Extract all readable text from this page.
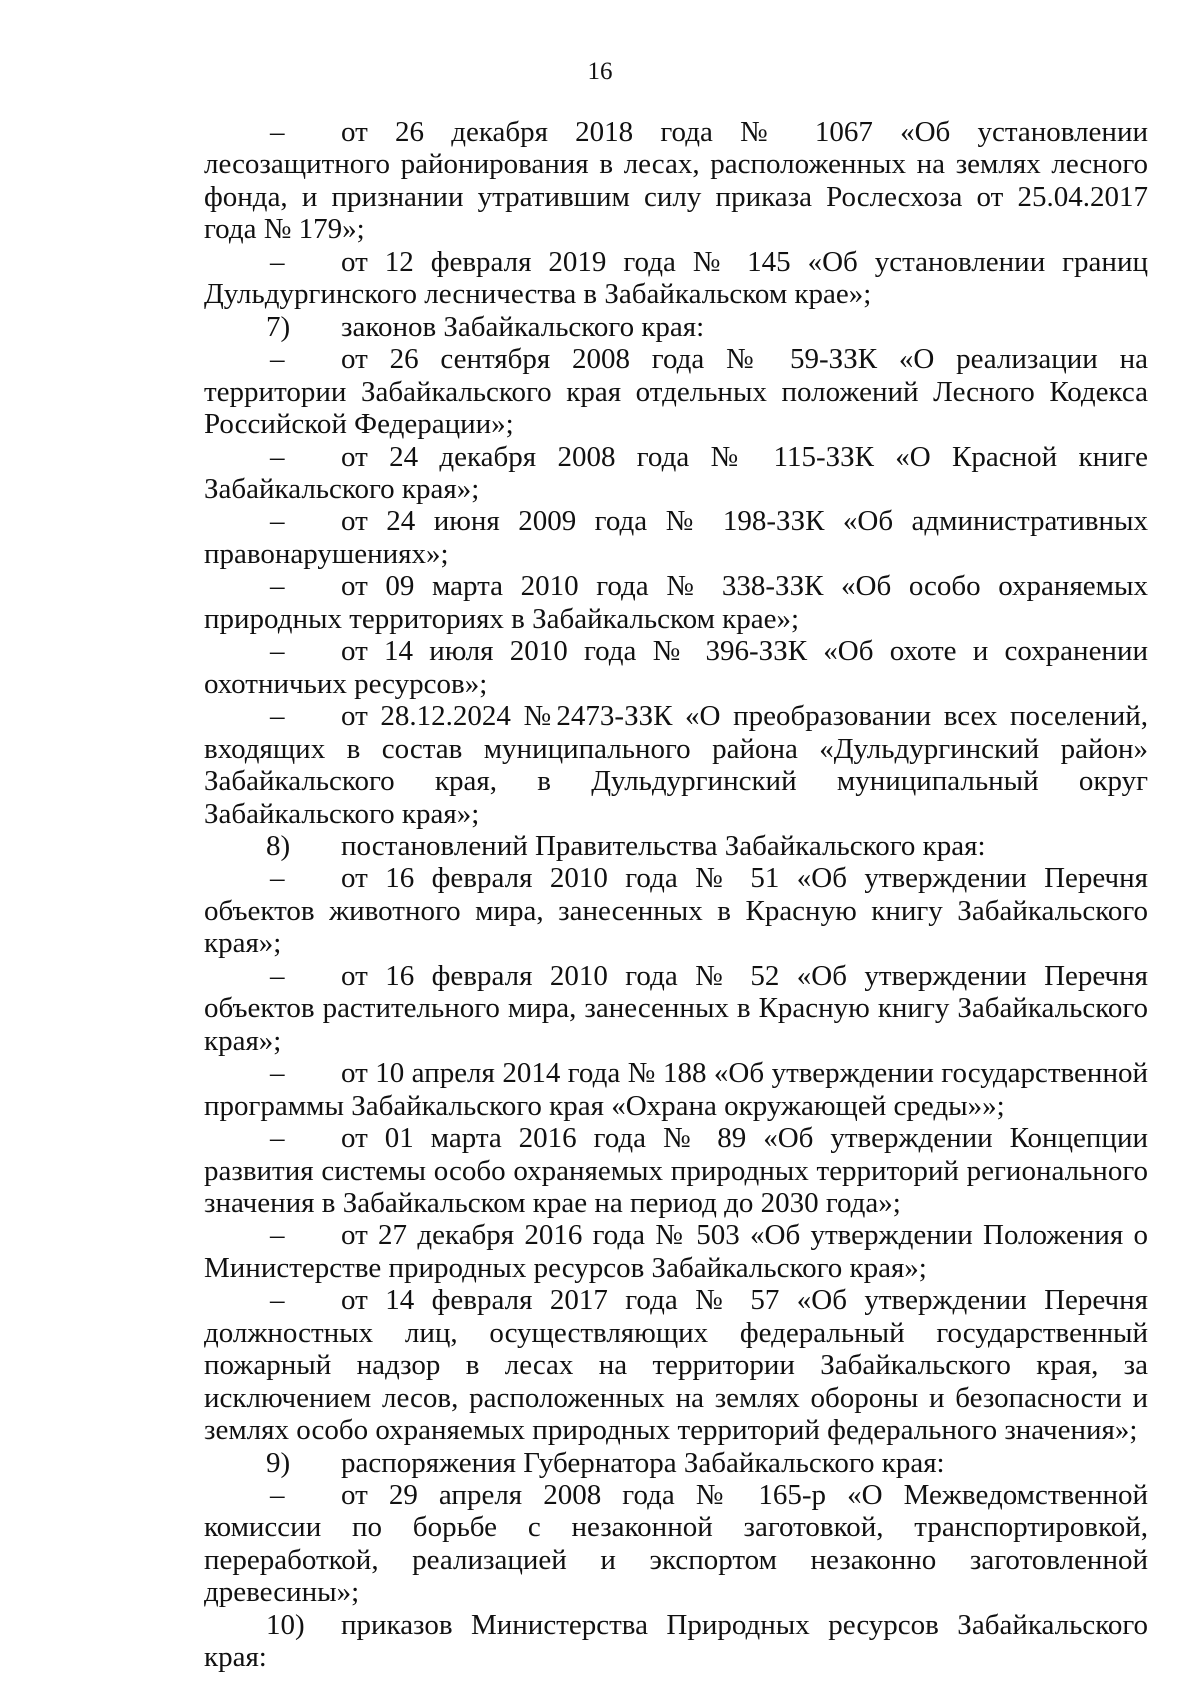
16

–	от 26 декабря 2018 года № 1067 «Об установлении лесозащитного районирования в лесах, расположенных на землях лесного фонда, и признании утратившим силу приказа Рослесхоза от 25.04.2017 года № 179»;

–	от 12 февраля 2019 года № 145 «Об установлении границ Дульдургинского лесничества в Забайкальском крае»;

7)	законов Забайкальского края:

–	от 26 сентября 2008 года № 59-ЗЗК «О реализации на территории Забайкальского края отдельных положений Лесного Кодекса Российской Федерации»;

–	от 24 декабря 2008 года № 115-ЗЗК «О Красной книге Забайкальского края»;

–	от 24 июня 2009 года № 198-ЗЗК «Об административных правонарушениях»;

–	от 09 марта 2010 года № 338-ЗЗК «Об особо охраняемых природных территориях в Забайкальском крае»;

–	от 14 июля 2010 года № 396-ЗЗК «Об охоте и сохранении охотничьих ресурсов»;

–	от 28.12.2024 №2473-ЗЗК «О преобразовании всех поселений, входящих в состав муниципального района «Дульдургинский район» Забайкальского края, в Дульдургинский муниципальный округ Забайкальского края»;

8)	постановлений Правительства Забайкальского края:

–	от 16 февраля 2010 года № 51 «Об утверждении Перечня объектов животного мира, занесенных в Красную книгу Забайкальского края»;

–	от 16 февраля 2010 года № 52 «Об утверждении Перечня объектов растительного мира, занесенных в Красную книгу Забайкальского края»;

–	от 10 апреля 2014 года № 188 «Об утверждении государственной программы Забайкальского края «Охрана окружающей среды»»;

–	от 01 марта 2016 года № 89 «Об утверждении Концепции развития системы особо охраняемых природных территорий регионального значения в Забайкальском крае на период до 2030 года»;

–	от 27 декабря 2016 года № 503 «Об утверждении Положения о Министерстве природных ресурсов Забайкальского края»;

–	от 14 февраля 2017 года № 57 «Об утверждении Перечня должностных лиц, осуществляющих федеральный государственный пожарный надзор в лесах на территории Забайкальского края, за исключением лесов, расположенных на землях обороны и безопасности и землях особо охраняемых природных территорий федерального значения»;

9)	распоряжения Губернатора Забайкальского края:

–	от 29 апреля 2008 года № 165-р «О Межведомственной комиссии по борьбе с незаконной заготовкой, транспортировкой, переработкой, реализацией и экспортом незаконно заготовленной древесины»;

10)	приказов Министерства Природных ресурсов Забайкальского края:
